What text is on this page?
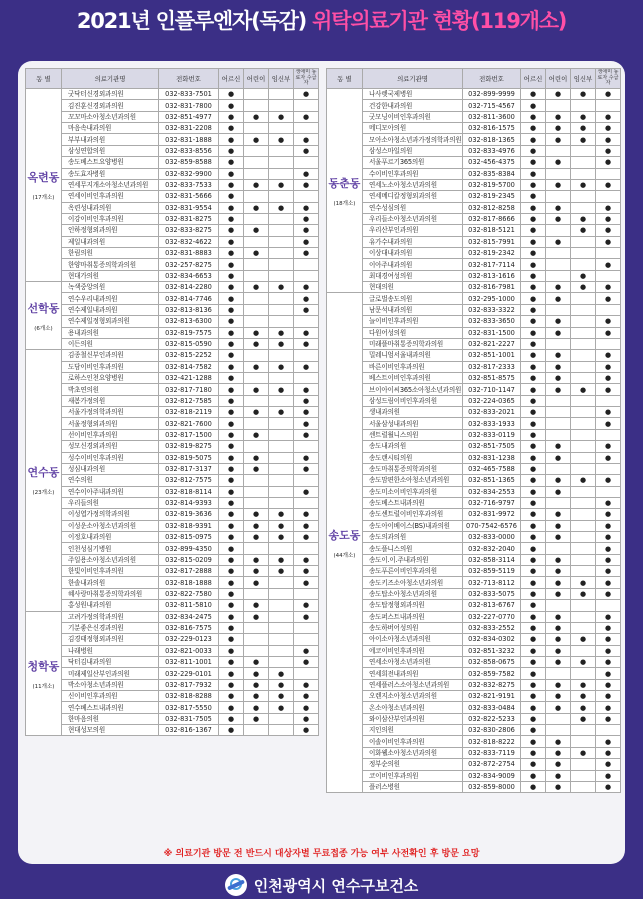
2021년 인플루엔자(독감) 위탁의료기관 현황(119개소)
동 별	의료기관명	전화번호	어르신	어린이	임신부	생애미 동료자 수급자

옥련동
(17개소)	굿닥터신경외과의원	032-833-7501	●			●
	김진훈신경외과의원	032-831-7800	●			
	꼬꼬마소아청소년과의원	032-851-4977	●	●	●	●
	마음속내과의원	032-831-2208	●			
	부부내과의원	032-831-1888	●	●	●	●
	삼성연합의원	032-833-8556	●			●
	송도베스트요양병원	032-859-8588	●			
	송도효자병원	032-832-9900	●			●
	연세무지개소아청소년과의원	032-833-7533	●	●	●	●
	연세이비인후과의원	032-831-5666	●			
	옥련성내과의원	032-831-9554	●	●	●	●
	이강이비인후과의원	032-831-8275	●			●
	인하정형외과의원	032-833-8275	●	●		●
	제일내과의원	032-832-4622	●			●
	한림의원	032-831-8883	●	●		●
	한양마취통증의학과의원	032-257-8275	●			
	현대가의원	032-834-6653	●			

선학동
(6개소)	녹색중앙의원	032-814-2280	●	●	●	●
	연수우리내과의원	032-814-7746	●			●
	연수제일내과의원	032-813-8136	●			●
	연수제일정형외과의원	032-813-6300	●			
	용내과의원	032-819-7575	●	●	●	●
	이든의원	032-815-0590	●	●	●	●

연수동
(23개소)	김종철신부인과의원	032-815-2252	●			
	도담이비인후과의원	032-814-7582	●	●	●	●
	로하스인천요양병원	032-421-1288	●			
	박초연의원	032-817-7180	●	●	●	●
	새봄가정의원	032-812-7585	●			●
	서울가정의학과의원	032-818-2119	●	●	●	●
	서울정형외과의원	032-821-7600	●			●
	선이비인후과의원	032-817-1500	●	●		●
	성모신경외과의원	032-819-8275	●			
	성수이비인후과의원	032-819-5075	●	●		●
	성심내과의원	032-817-3137	●	●		●
	연수의원	032-812-7575	●			
	연수이아주내과의원	032-818-8114	●			●
	우리들의원	032-814-9393	●			
	이성엽가정의학과의원	032-819-3636	●	●	●	●
	이성운소아청소년과의원	032-818-9391	●	●	●	●
	이정호내과의원	032-815-0975	●	●	●	●
	인천성심기병원	032-899-4350	●			
	주일용소아청소년과의원	032-815-0209	●	●	●	●
	한빛이비인후과의원	032-817-2888	●	●	●	●
	한솔내과의원	032-818-1888	●	●		●
	혜사랑마취통증의학과의원	032-822-7580	●			
	홍성원내과의원	032-811-5810	●	●		●

청학동
(11개소)	고려가정의학과의원	032-834-2475	●	●		●
	기분좋은신경과의원	032-816-7575	●			
	김경태정형외과의원	032-229-0123	●			
	나래병원	032-821-0033	●			●
	닥터김내과의원	032-811-1001	●	●		●
	미래제일산부인과의원	032-229-0101	●	●	●	
	박소아청소년과의원	032-817-7932	●	●	●	●
	신이비인후과의원	032-818-8288	●	●	●	●
	연수베스트내과의원	032-817-5550	●	●	●	●
	한마음의원	032-831-7505	●	●		●
	현대성모의원	032-816-1367	●			●
동 별	의료기관명	전화번호	어르신	어린이	임신부	생애미 동료자 수급자

동춘동
(18개소)	나사렛국제병원	032-899-9999	●	●	●	●
	건강한내과의원	032-715-4567	●			
	굿모닝이비인후과의원	032-811-3600	●	●	●	●
	메디모아의원	032-816-1575	●	●	●	●
	모아소아청소년과가정의학과의원	032-818-1365	●	●	●	●
	삼성스마일의원	032-833-4976	●			●
	서울푸르기365의원	032-456-4375	●	●		●
	수이비인후과의원	032-835-8384	●			
	연세노소아청소년과의원	032-819-5700	●	●	●	●
	연세메디칼정형외과의원	032-819-2345	●			
	연수성심의원	032-812-8258	●	●		●
	우리들소아청소년과의원	032-817-8666	●	●	●	●
	우리산부인과의원	032-818-5121	●		●	●
	유가수내과의원	032-815-7991	●	●		●
	이상대내과의원	032-819-2342	●			
	이아주내과의원	032-817-7114	●			●
	최대경여성의원	032-813-1616	●		●	
	현대의원	032-816-7981	●	●	●	●

송도동
(44개소)	글로벌송도의원	032-295-1000	●	●		●
	남문석내과의원	032-833-3322	●			
	늘이비인후과의원	032-833-3650	●	●		●
	다원어성의원	032-831-1500	●	●		●
	미래플마취통증의학과의원	032-821-2227	●			
	밀레니엄서울내과의원	032-851-1001	●	●		●
	바른이비인후과의원	032-817-2333	●	●		●
	베스트이비인후과의원	032-851-8575	●	●		●
	브이아이씨365소아청소년과의원	032-710-1147	●	●	●	●
	삼성드림이비인후과의원	032-224-0365	●			
	생내과의원	032-833-2021	●			●
	서울삼성내과의원	032-833-1933	●			●
	센트럴윌니스의원	032-833-0119	●			
	송도내과의원	032-851-7505	●	●		●
	송도랜시티의원	032-831-1238	●	●		●
	송도마취통증의학과의원	032-465-7588	●			
	송도맘편한소아청소년과의원	032-851-1365	●	●	●	●
	송도미소이비인후과의원	032-834-2553	●	●		
	송도베스트내과의원	032-716-9797	●			●
	송도센트럴이비인후과의원	032-831-9972	●	●		●
	송도아이베이스(BS)내과의원	070-7542-6576	●	●		●
	송도의과의원	032-833-0000	●	●		●
	송도플니스의원	032-832-2040	●			●
	송도이.이.주내과의원	032-858-3114	●	●		●
	송도푸른이비인후과의원	032-859-5119	●	●		●
	송도키즈소아청소년과의원	032-713-8112	●	●	●	●
	송도탑소아청소년과의원	032-833-5075	●	●	●	●
	송도탑정형외과의원	032-813-6767	●			
	송도퍼스트내과의원	032-227-0770	●	●		●
	송도하버어성의원	032-833-2552	●	●		●
	아이소아청소년과의원	032-834-0302	●	●	●	●
	에코이비인후과의원	032-851-3232	●	●		●
	연세소아청소년과의원	032-858-0675	●	●	●	●
	연세희전내과의원	032-859-7582	●			●
	연세플러스소아청소년과의원	032-832-8275	●	●	●	●
	오렌지소아청소년과의원	032-821-9191	●	●	●	●
	온소아청소년과의원	032-833-0484	●	●	●	●
	와이삼산부인과의원	032-822-5233	●		●	●
	지인의원	032-830-2806	●			
	이솔이비인후과의원	032-818-8222	●	●		●
	이화웰소아청소년과의원	032-833-7119	●	●	●	●
	정부순의원	032-872-2754	●	●		●
	코이비인후과의원	032-834-9009	●	●		●
	플러스병원	032-859-8000	●	●		●
※ 의료기관 방문 전 반드시 대상자별 무료접종 가능 여부 사전확인 후 방문 요망
인천광역시 연수구보건소
